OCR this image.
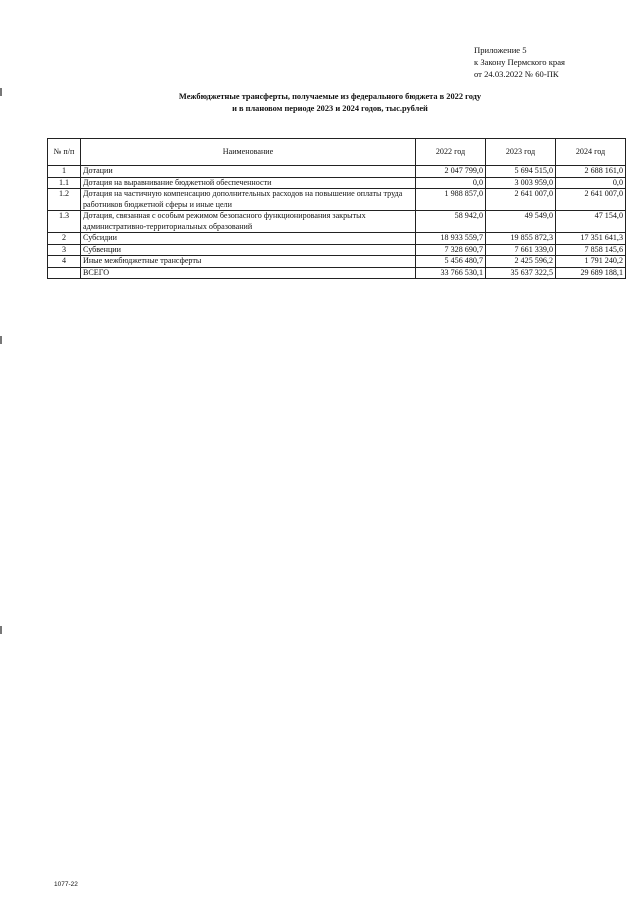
Приложение 5
к Закону Пермского края
от 24.03.2022 № 60-ПК
Межбюджетные трансферты, получаемые из федерального бюджета в 2022 году
и в плановом периоде 2023 и 2024 годов, тыс.рублей
№ п/п	Наименование	2022 год	2023 год	2024 год
1	Дотации	2 047 799,0	5 694 515,0	2 688 161,0
1.1	Дотация на выравнивание бюджетной обеспеченности	0,0	3 003 959,0	0,0
1.2	Дотация на частичную компенсацию дополнительных расходов на повышение оплаты труда работников бюджетной сферы и иные цели	1 988 857,0	2 641 007,0	2 641 007,0
1.3	Дотация, связанная с особым режимом безопасного функционирования закрытых административно-территориальных образований	58 942,0	49 549,0	47 154,0
2	Субсидии	18 933 559,7	19 855 872,3	17 351 641,3
3	Субвенции	7 328 690,7	7 661 339,0	7 858 145,6
4	Иные межбюджетные трансферты	5 456 480,7	2 425 596,2	1 791 240,2
	ВСЕГО	33 766 530,1	35 637 322,5	29 689 188,1
1077-22
